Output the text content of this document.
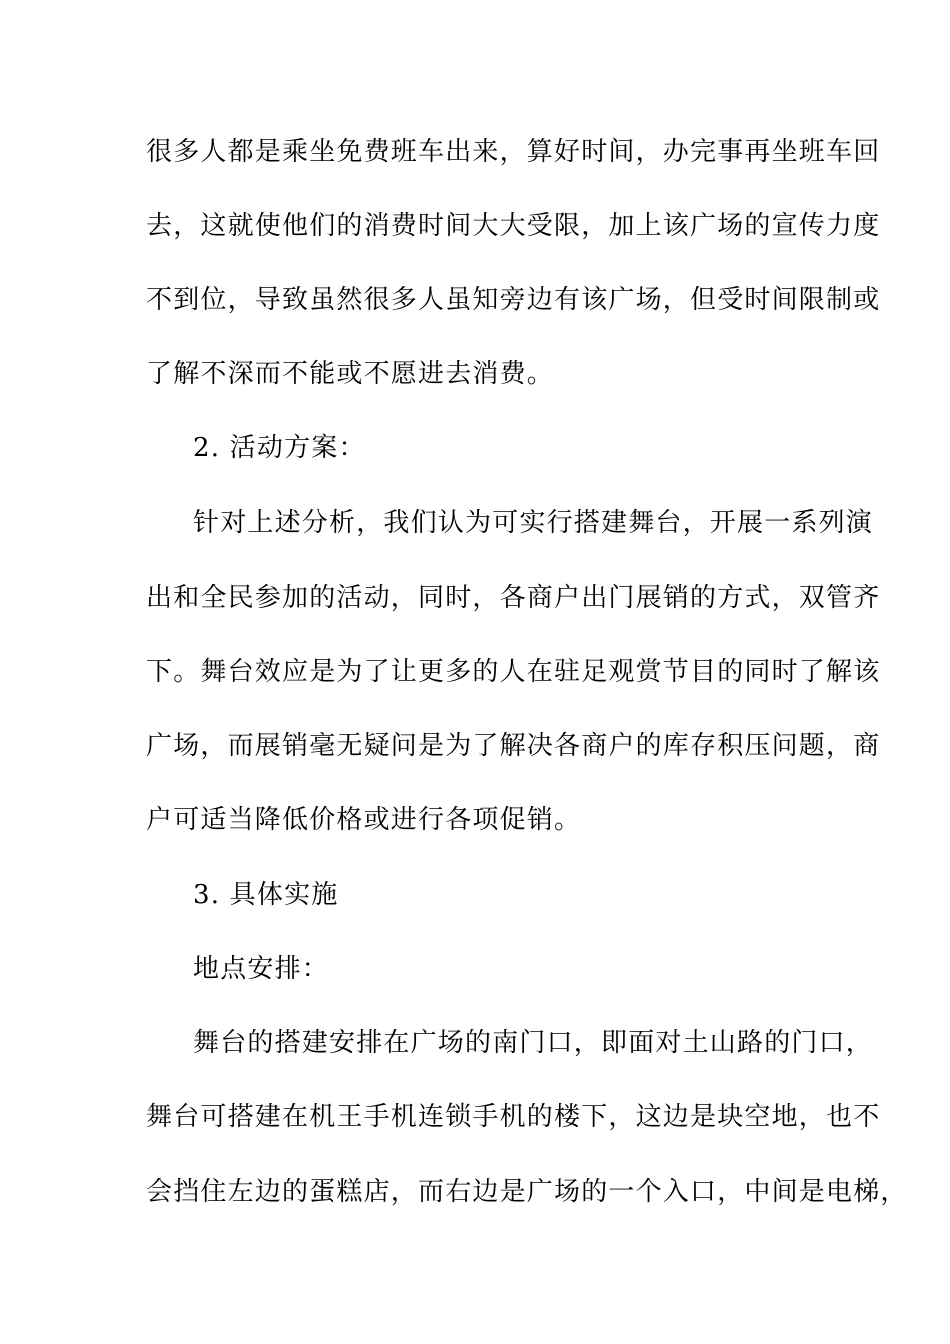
很多人都是乘坐免费班车出来，算好时间，办完事再坐班车回
去，这就使他们的消费时间大大受限，加上该广场的宣传力度
不到位，导致虽然很多人虽知旁边有该广场，但受时间限制或
了解不深而不能或不愿进去消费。
2. 活动方案：
针对上述分析，我们认为可实行搭建舞台，开展一系列演
出和全民参加的活动，同时，各商户出门展销的方式，双管齐
下。舞台效应是为了让更多的人在驻足观赏节目的同时了解该
广场，而展销毫无疑问是为了解决各商户的库存积压问题，商
户可适当降低价格或进行各项促销。
3. 具体实施
地点安排：
舞台的搭建安排在广场的南门口，即面对土山路的门口，
舞台可搭建在机王手机连锁手机的楼下，这边是块空地，也不
会挡住左边的蛋糕店，而右边是广场的一个入口，中间是电梯，
